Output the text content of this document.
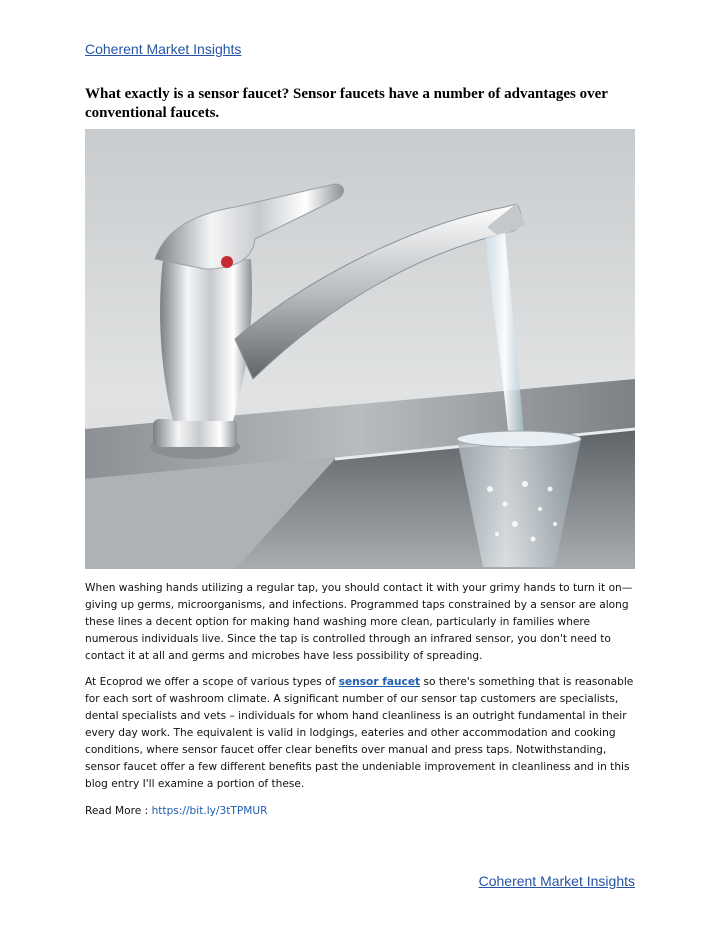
Coherent Market Insights
What exactly is a sensor faucet? Sensor faucets have a number of advantages over conventional faucets.

When washing hands utilizing a regular tap, you should contact it with your grimy hands to turn it on—giving up germs, microorganisms, and infections. Programmed taps constrained by a sensor are along these lines a decent option for making hand washing more clean, particularly in families where numerous individuals live. Since the tap is controlled through an infrared sensor, you don't need to contact it at all and germs and microbes have less possibility of spreading.

At Ecoprod we offer a scope of various types of sensor faucet so there's something that is reasonable for each sort of washroom climate. A significant number of our sensor tap customers are specialists, dental specialists and vets – individuals for whom hand cleanliness is an outright fundamental in their every day work. The equivalent is valid in lodgings, eateries and other accommodation and cooking conditions, where sensor faucet offer clear benefits over manual and press taps. Notwithstanding, sensor faucet offer a few different benefits past the undeniable improvement in cleanliness and in this blog entry I'll examine a portion of these.

Read More : https://bit.ly/3tTPMUR

Coherent Market Insights
